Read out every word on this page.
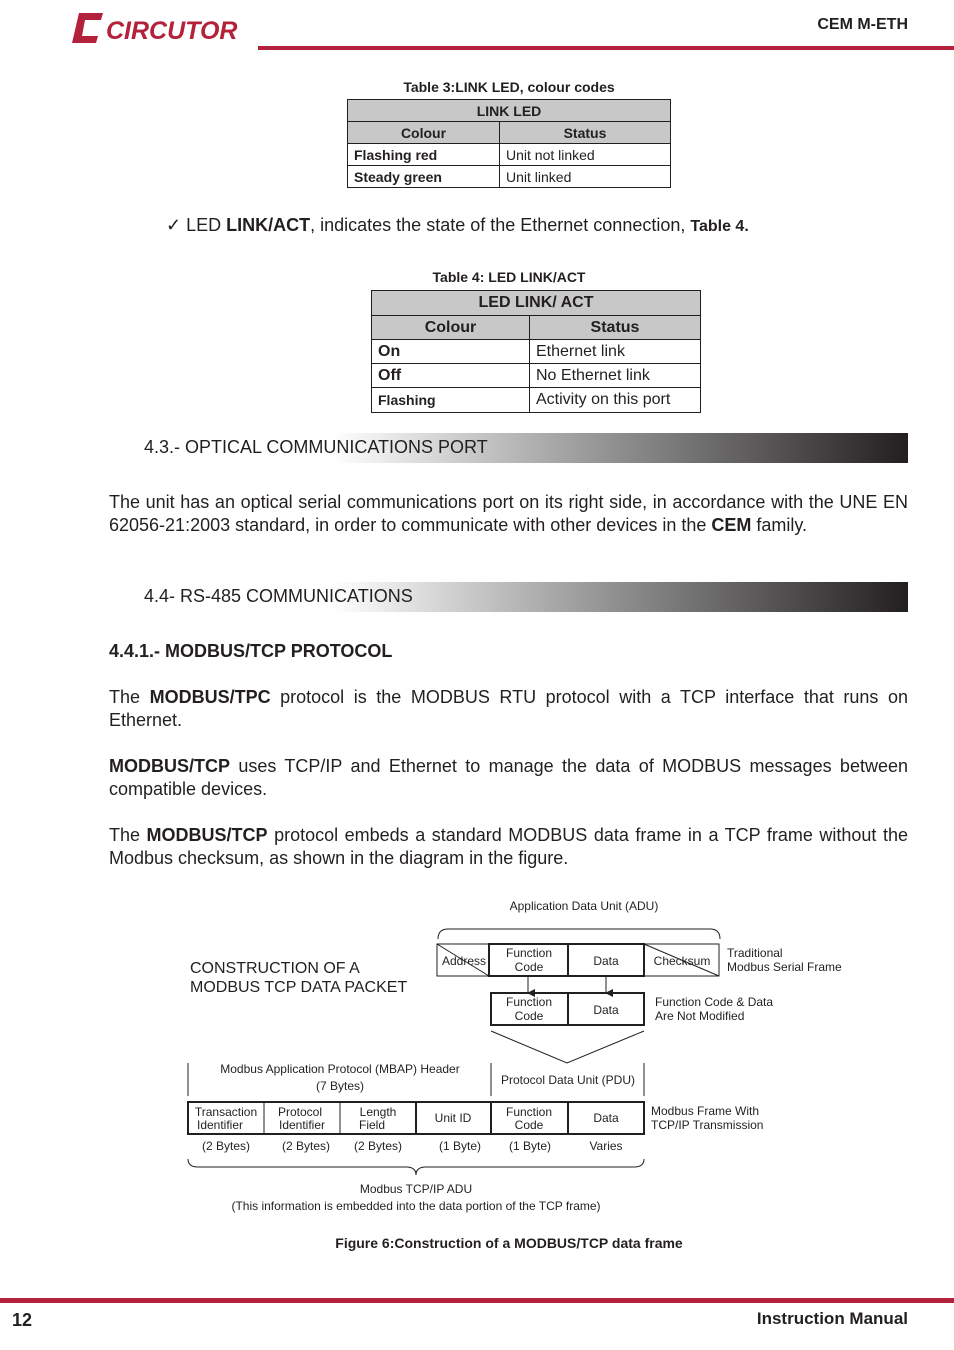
CIRCUTOR	CEM M-ETH
Table 3:LINK LED, colour codes
LINK LED	
Colour	Status
Flashing red	Unit not linked
Steady green	Unit linked
✓ LED LINK/ACT, indicates the state of the Ethernet connection, Table 4.
Table 4: LED LINK/ACT
LED LINK/ ACT	
Colour	Status
On	Ethernet link
Off	No Ethernet link
Flashing	Activity on this port
4.3.- OPTICAL COMMUNICATIONS PORT
The unit has an optical serial communications port on its right side, in accordance with the UNE EN 62056-21:2003 standard, in order to communicate with other devices in the CEM family.
4.4- RS-485 COMMUNICATIONS
4.4.1.- MODBUS/TCP PROTOCOL
The MODBUS/TPC protocol is the MODBUS RTU protocol with a TCP interface that runs on Ethernet.
MODBUS/TCP uses TCP/IP and Ethernet to manage the data of MODBUS messages between compatible devices.
The MODBUS/TCP protocol embeds a standard MODBUS data frame in a TCP frame without the Modbus checksum, as shown in the diagram in the figure.
Application Data Unit (ADU)
Address
Function
Code	Data	Checksum
Function
Code	Data
Modbus Application Protocol (MBAP) Header
(7 Bytes)	Protocol Data Unit (PDU)
Transaction
Identifier
Protocol
Identifier
Length
Field	Unit ID	Function
Code	Data
(2 Bytes)	(2 Bytes) (2 Bytes)	(1 Byte) (1 Byte)	Varies
Modbus TCP/IP ADU
(This information is embedded into the data portion of the TCP frame)
Traditional
Modbus Serial Frame
Function Code & Data
Are Not Modified
Modbus Frame With
TCP/IP Transmission
CONSTRUCTION OF A
MODBUS TCP DATA PACKET
Figure 6:Construction of a MODBUS/TCP data frame
12	Instruction Manual
